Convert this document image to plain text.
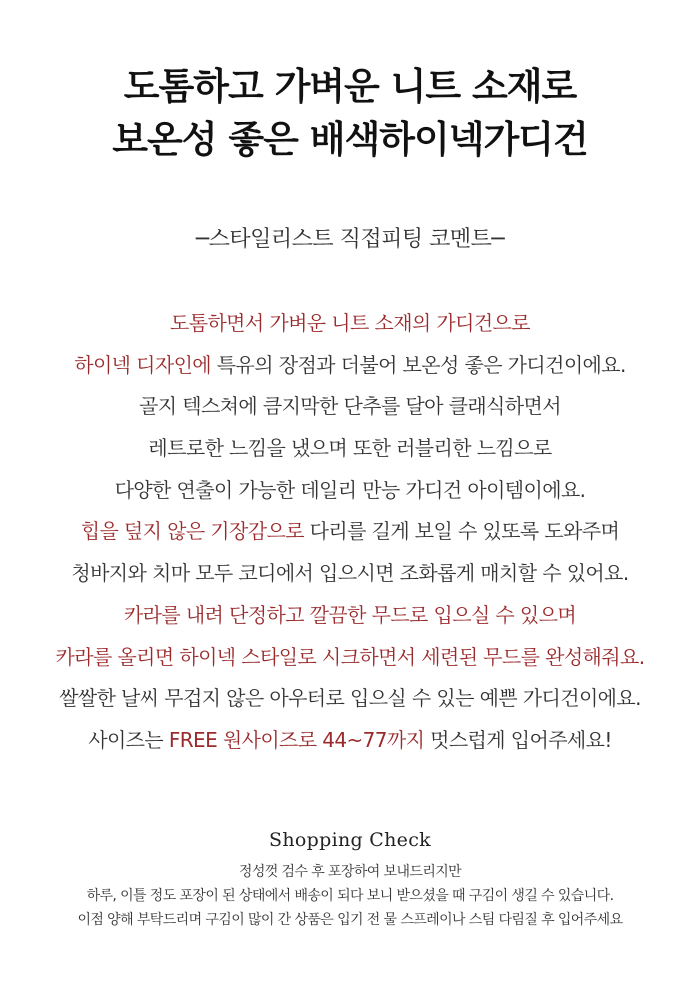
도톰하고 가벼운 니트 소재로
보온성 좋은 배색하이넥가디건
─스타일리스트 직접피팅 코멘트─
도톰하면서 가벼운 니트 소재의 가디건으로
하이넥 디자인에 특유의 장점과 더불어 보온성 좋은 가디건이에요.
골지 텍스쳐에 큼지막한 단추를 달아 클래식하면서
레트로한 느낌을 냈으며 또한 러블리한 느낌으로
다양한 연출이 가능한 데일리 만능 가디건 아이템이에요.
힙을 덮지 않은 기장감으로 다리를 길게 보일 수 있또록 도와주며
청바지와 치마 모두 코디에서 입으시면 조화롭게 매치할 수 있어요.
카라를 내려 단정하고 깔끔한 무드로 입으실 수 있으며
카라를 올리면 하이넥 스타일로 시크하면서 세련된 무드를 완성해줘요.
쌀쌀한 날씨 무겁지 않은 아우터로 입으실 수 있는 예쁜 가디건이에요.
사이즈는 FREE 원사이즈로 44~77까지 멋스럽게 입어주세요!
Shopping Check
정성껏 검수 후 포장하여 보내드리지만
하루, 이틀 정도 포장이 된 상태에서 배송이 되다 보니 받으셨을 때 구김이 생길 수 있습니다.
이점 양해 부탁드리며 구김이 많이 간 상품은 입기 전 물 스프레이나 스팀 다림질 후 입어주세요
